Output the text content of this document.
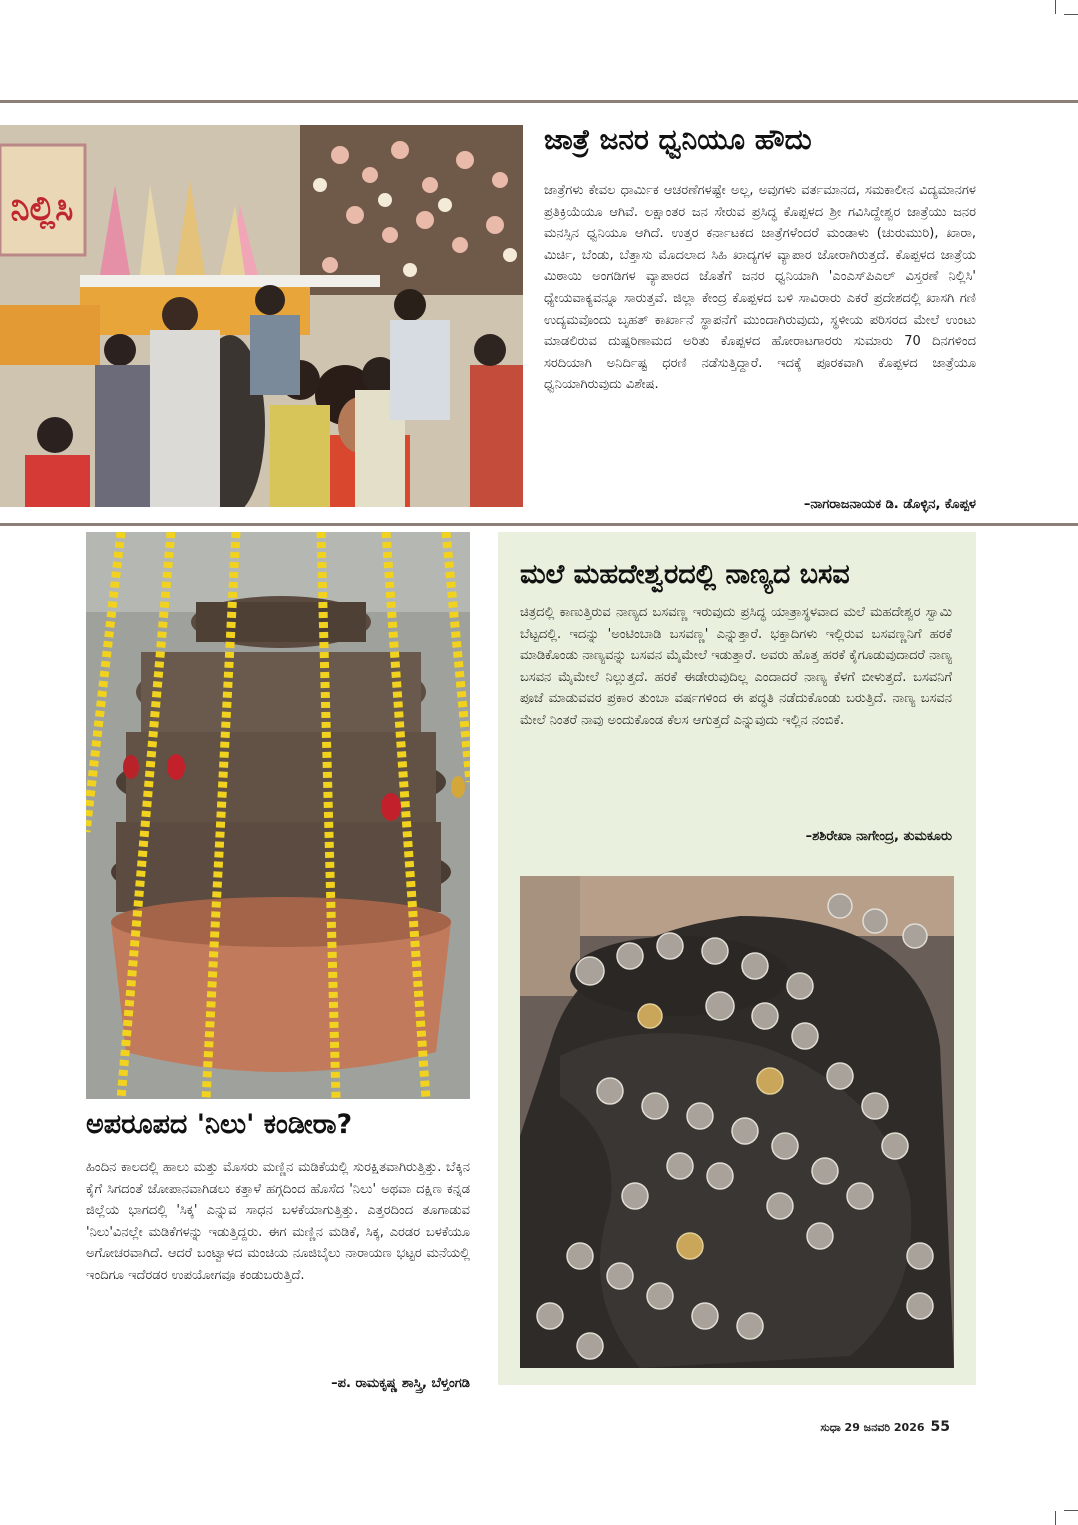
ನಿಲ್ಲಿಸಿ
ಜಾತ್ರೆ ಜನರ ಧ್ವನಿಯೂ ಹೌದು

ಜಾತ್ರೆಗಳು ಕೇವಲ ಧಾರ್ಮಿಕ ಆಚರಣೆಗಳಷ್ಟೇ ಅಲ್ಲ, ಅವುಗಳು ವರ್ತಮಾನದ, ಸಮಕಾಲೀನ ವಿದ್ಯಮಾನಗಳ ಪ್ರತಿಕ್ರಿಯೆಯೂ ಆಗಿವೆ. ಲಕ್ಷಾಂತರ ಜನ ಸೇರುವ ಪ್ರಸಿದ್ಧ ಕೊಪ್ಪಳದ ಶ್ರೀ ಗವಿಸಿದ್ದೇಶ್ವರ ಜಾತ್ರೆಯು ಜನರ ಮನಸ್ಸಿನ ಧ್ವನಿಯೂ ಆಗಿದೆ. ಉತ್ತರ ಕರ್ನಾಟಕದ ಜಾತ್ರೆಗಳೆಂದರೆ ಮಂಡಾಳು (ಚುರುಮುರಿ), ಖಾರಾ, ಮಿರ್ಚಿ, ಬೆಂಡು, ಬೆತ್ತಾಸು ಮೊದಲಾದ ಸಿಹಿ ಖಾದ್ಯಗಳ ವ್ಯಾಪಾರ ಜೋರಾಗಿರುತ್ತದೆ. ಕೊಪ್ಪಳದ ಜಾತ್ರೆಯ ಮಿಠಾಯಿ ಅಂಗಡಿಗಳ ವ್ಯಾಪಾರದ ಜೊತೆಗೆ ಜನರ ಧ್ವನಿಯಾಗಿ 'ಎಂಎಸ್‌ಪಿಎಲ್ ವಿಸ್ತರಣೆ ನಿಲ್ಲಿಸಿ' ಧ್ಯೇಯವಾಕ್ಯವನ್ನೂ ಸಾರುತ್ತವೆ. ಜಿಲ್ಲಾ ಕೇಂದ್ರ ಕೊಪ್ಪಳದ ಬಳಿ ಸಾವಿರಾರು ಎಕರೆ ಪ್ರದೇಶದಲ್ಲಿ ಖಾಸಗಿ ಗಣಿ ಉದ್ಯಮವೊಂದು ಬೃಹತ್ ಕಾರ್ಖಾನೆ ಸ್ಥಾಪನೆಗೆ ಮುಂದಾಗಿರುವುದು, ಸ್ಥಳೀಯ ಪರಿಸರದ ಮೇಲೆ ಉಂಟು ಮಾಡಲಿರುವ ದುಷ್ಪರಿಣಾಮದ ಅರಿತು ಕೊಪ್ಪಳದ ಹೋರಾಟಗಾರರು ಸುಮಾರು 70 ದಿನಗಳಿಂದ ಸರದಿಯಾಗಿ ಅನಿರ್ದಿಷ್ಟ ಧರಣಿ ನಡೆಸುತ್ತಿದ್ದಾರೆ. ಇದಕ್ಕೆ ಪೂರಕವಾಗಿ ಕೊಪ್ಪಳದ ಜಾತ್ರೆಯೂ ಧ್ವನಿಯಾಗಿರುವುದು ವಿಶೇಷ.

–ನಾಗರಾಜನಾಯಕ ಡಿ. ಡೊಳ್ಳಿನ, ಕೊಪ್ಪಳ
ಅಪರೂಪದ 'ನಿಲು' ಕಂಡೀರಾ?

ಹಿಂದಿನ ಕಾಲದಲ್ಲಿ ಹಾಲು ಮತ್ತು ಮೊಸರು ಮಣ್ಣಿನ ಮಡಿಕೆಯಲ್ಲಿ ಸುರಕ್ಷಿತವಾಗಿರುತ್ತಿತ್ತು. ಬೆಕ್ಕಿನ ಕೈಗೆ ಸಿಗದಂತೆ ಜೋಪಾನವಾಗಿಡಲು ಕತ್ತಾಳೆ ಹಗ್ಗದಿಂದ ಹೊಸೆದ 'ನಿಲು' ಅಥವಾ ದಕ್ಷಿಣ ಕನ್ನಡ ಜಿಲ್ಲೆಯ ಭಾಗದಲ್ಲಿ 'ಸಿಕ್ಕ' ಎನ್ನುವ ಸಾಧನ ಬಳಕೆಯಾಗುತ್ತಿತ್ತು. ಎತ್ತರದಿಂದ ತೂಗಾಡುವ 'ನಿಲು'ವಿನಲ್ಲೇ ಮಡಿಕೆಗಳನ್ನು ಇಡುತ್ತಿದ್ದರು. ಈಗ ಮಣ್ಣಿನ ಮಡಿಕೆ, ಸಿಕ್ಕ, ಎರಡರ ಬಳಕೆಯೂ ಅಗೋಚರವಾಗಿದೆ. ಆದರೆ ಬಂಟ್ವಾಳದ ಮಂಚಿಯ ನೂಜಿಬೈಲು ನಾರಾಯಣ ಭಟ್ಟರ ಮನೆಯಲ್ಲಿ ಇಂದಿಗೂ ಇದೆರಡರ ಉಪಯೋಗವೂ ಕಂಡುಬರುತ್ತಿದೆ.

–ಪ. ರಾಮಕೃಷ್ಣ ಶಾಸ್ತ್ರಿ, ಬೆಳ್ತಂಗಡಿ
ಮಲೆ ಮಹದೇಶ್ವರದಲ್ಲಿ ನಾಣ್ಯದ ಬಸವ

ಚಿತ್ರದಲ್ಲಿ ಕಾಣುತ್ತಿರುವ ನಾಣ್ಯದ ಬಸವಣ್ಣ ಇರುವುದು ಪ್ರಸಿದ್ಧ ಯಾತ್ರಾಸ್ಥಳವಾದ ಮಲೆ ಮಹದೇಶ್ವರ ಸ್ವಾಮಿ ಬೆಟ್ಟದಲ್ಲಿ. ಇದನ್ನು 'ಅಂಟಿಂಬಾಡಿ ಬಸವಣ್ಣ' ಎನ್ನುತ್ತಾರೆ. ಭಕ್ತಾದಿಗಳು ಇಲ್ಲಿರುವ ಬಸವಣ್ಣನಿಗೆ ಹರಕೆ ಮಾಡಿಕೊಂಡು ನಾಣ್ಯವನ್ನು ಬಸವನ ಮೈಮೇಲೆ ಇಡುತ್ತಾರೆ. ಅವರು ಹೊತ್ತ ಹರಕೆ ಕೈಗೂಡುವುದಾದರೆ ನಾಣ್ಯ ಬಸವನ ಮೈಮೇಲೆ ನಿಲ್ಲುತ್ತದೆ. ಹರಕೆ ಈಡೇರುವುದಿಲ್ಲ ಎಂದಾದರೆ ನಾಣ್ಯ ಕೆಳಗೆ ಬೀಳುತ್ತದೆ. ಬಸವನಿಗೆ ಪೂಜೆ ಮಾಡುವವರ ಪ್ರಕಾರ ತುಂಬಾ ವರ್ಷಗಳಿಂದ ಈ ಪದ್ಧತಿ ನಡೆದುಕೊಂಡು ಬರುತ್ತಿದೆ. ನಾಣ್ಯ ಬಸವನ ಮೇಲೆ ನಿಂತರೆ ನಾವು ಅಂದುಕೊಂಡ ಕೆಲಸ ಆಗುತ್ತದೆ ಎನ್ನುವುದು ಇಲ್ಲಿನ ನಂಬಿಕೆ.

–ಶಶಿರೇಖಾ ನಾಗೇಂದ್ರ, ತುಮಕೂರು
ಸುಧಾ 29 ಜನವರಿ 2026 55
